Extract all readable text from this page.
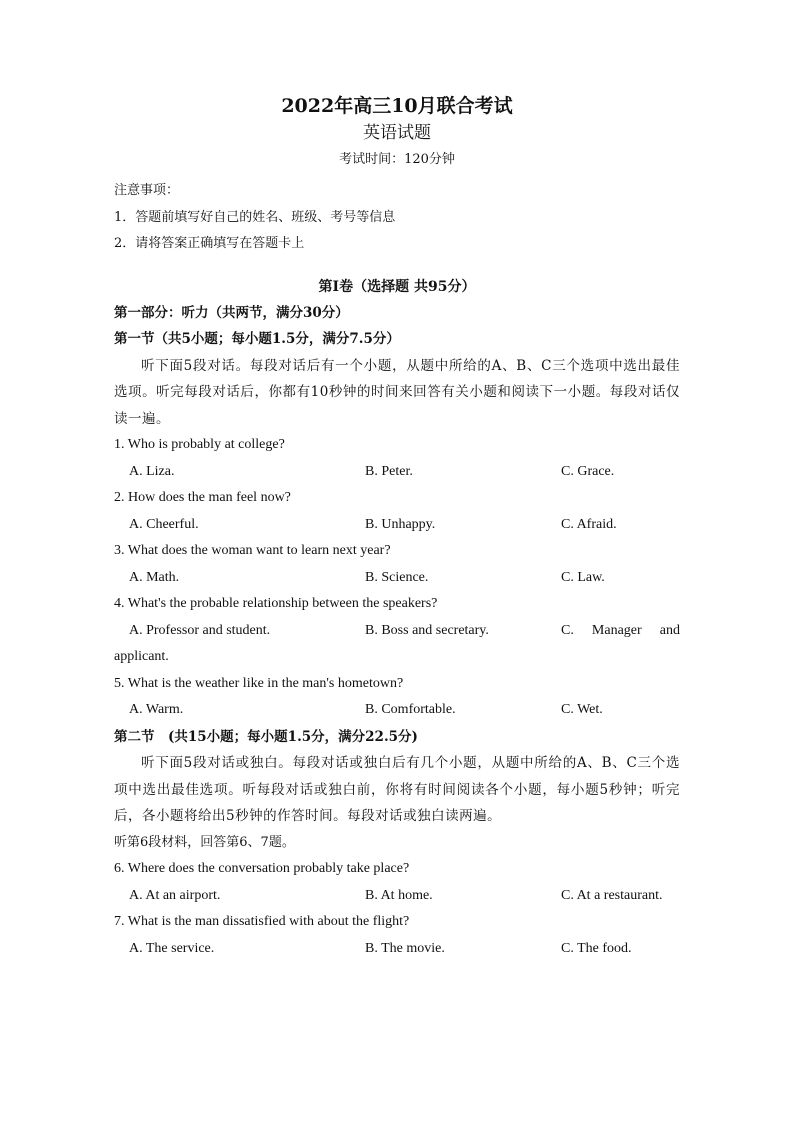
2022年高三10月联合考试
英语试题
考试时间：120分钟
注意事项：
1．答题前填写好自己的姓名、班级、考号等信息
2．请将答案正确填写在答题卡上
第I卷（选择题 共95分）
第一部分：听力（共两节，满分30分）
第一节（共5小题；每小题1.5分，满分7.5分）

听下面5段对话。每段对话后有一个小题，从题中所给的A、B、C三个选项中选出最佳选项。听完每段对话后，你都有10秒钟的时间来回答有关小题和阅读下一小题。每段对话仅读一遍。

1. Who is probably at college?
A. Liza.	B. Peter.	C. Grace.
2. How does the man feel now?
A. Cheerful.	B. Unhappy.	C. Afraid.
3. What does the woman want to learn next year?
A. Math.	B. Science.	C. Law.
4. What's the probable relationship between the speakers?
A. Professor and student.	B. Boss and secretary.	C. Manager and
applicant.
5. What is the weather like in the man's hometown?
A. Warm.	B. Comfortable.	C. Wet.
第二节　(共15小题；每小题1.5分，满分22.5分)

听下面5段对话或独白。每段对话或独白后有几个小题，从题中所给的A、B、C三个选项中选出最佳选项。听每段对话或独白前，你将有时间阅读各个小题，每小题5秒钟；听完后，各小题将给出5秒钟的作答时间。每段对话或独白读两遍。

听第6段材料，回答第6、7题。
6. Where does the conversation probably take place?
A. At an airport.	B. At home.	C. At a restaurant.
7. What is the man dissatisfied with about the flight?
A. The service.	B. The movie.	C. The food.
